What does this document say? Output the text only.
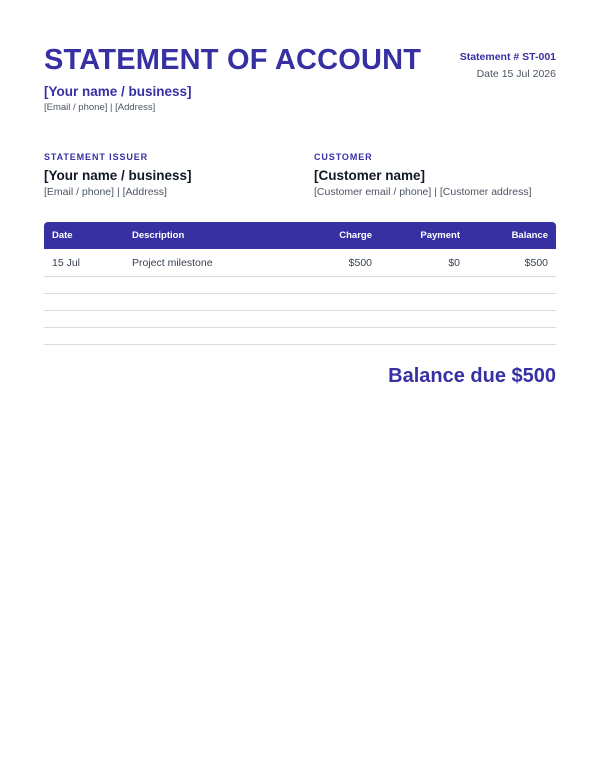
STATEMENT OF ACCOUNT
[Your name / business]
[Email / phone] | [Address]
Statement # ST-001
Date 15 Jul 2026
STATEMENT ISSUER
[Your name / business]
[Email / phone] | [Address]
CUSTOMER
[Customer name]
[Customer email / phone] | [Customer address]
Date	Description	Charge	Payment	Balance
15 Jul	Project milestone	$500	$0	$500
Balance due $500
